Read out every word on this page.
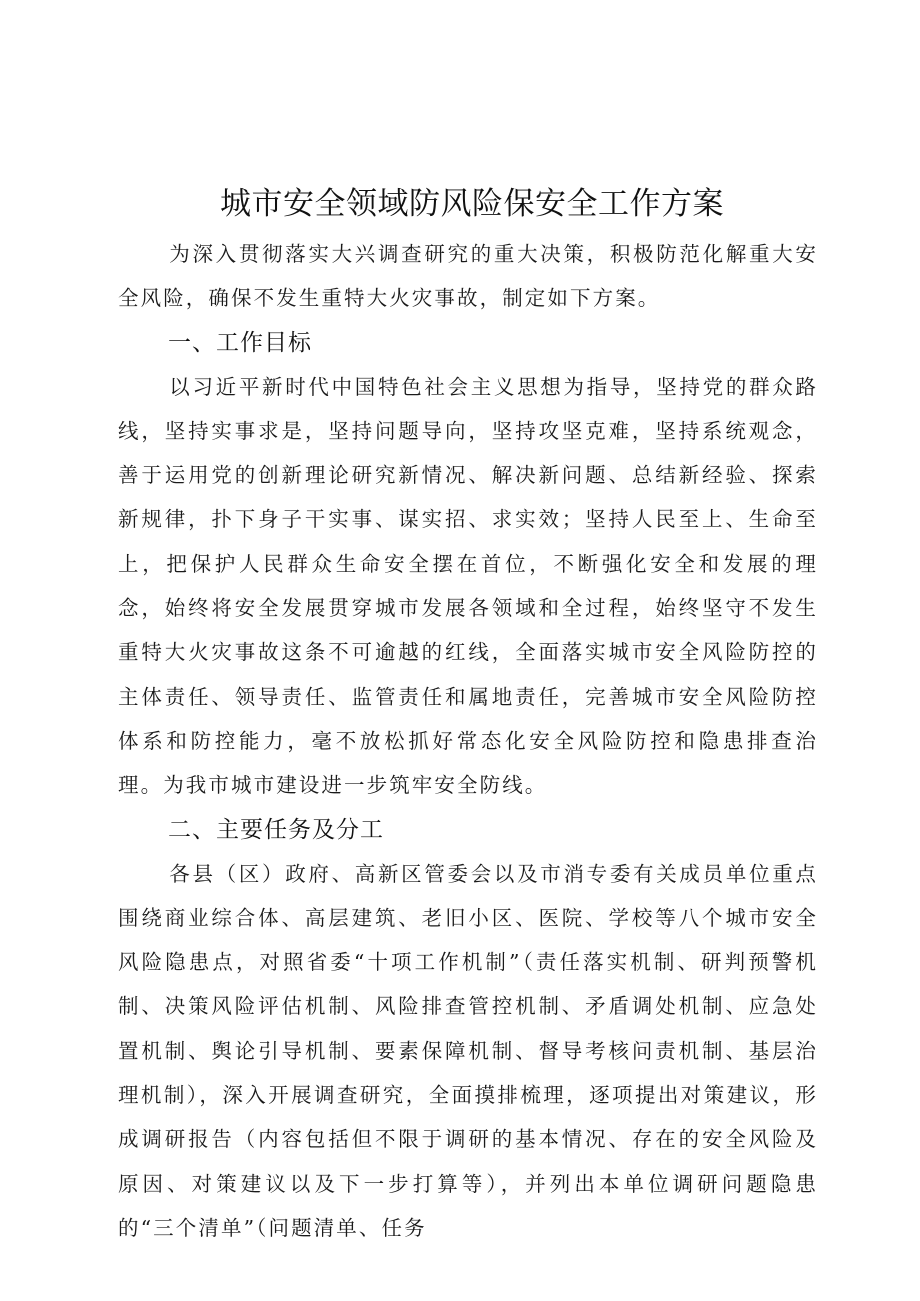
城市安全领域防风险保安全工作方案

为深入贯彻落实大兴调查研究的重大决策，积极防范化解重大安全风险，确保不发生重特大火灾事故，制定如下方案。

一、工作目标

以习近平新时代中国特色社会主义思想为指导，坚持党的群众路线，坚持实事求是，坚持问题导向，坚持攻坚克难，坚持系统观念，善于运用党的创新理论研究新情况、解决新问题、总结新经验、探索新规律，扑下身子干实事、谋实招、求实效；坚持人民至上、生命至上，把保护人民群众生命安全摆在首位，不断强化安全和发展的理念，始终将安全发展贯穿城市发展各领域和全过程，始终坚守不发生重特大火灾事故这条不可逾越的红线，全面落实城市安全风险防控的主体责任、领导责任、监管责任和属地责任，完善城市安全风险防控体系和防控能力，毫不放松抓好常态化安全风险防控和隐患排查治理。为我市城市建设进一步筑牢安全防线。

二、主要任务及分工

各县（区）政府、高新区管委会以及市消专委有关成员单位重点围绕商业综合体、高层建筑、老旧小区、医院、学校等八个城市安全风险隐患点，对照省委“十项工作机制”（责任落实机制、研判预警机制、决策风险评估机制、风险排查管控机制、矛盾调处机制、应急处置机制、舆论引导机制、要素保障机制、督导考核问责机制、基层治理机制），深入开展调查研究，全面摸排梳理，逐项提出对策建议，形成调研报告（内容包括但不限于调研的基本情况、存在的安全风险及原因、对策建议以及下一步打算等），并列出本单位调研问题隐患的“三个清单”（问题清单、任务
